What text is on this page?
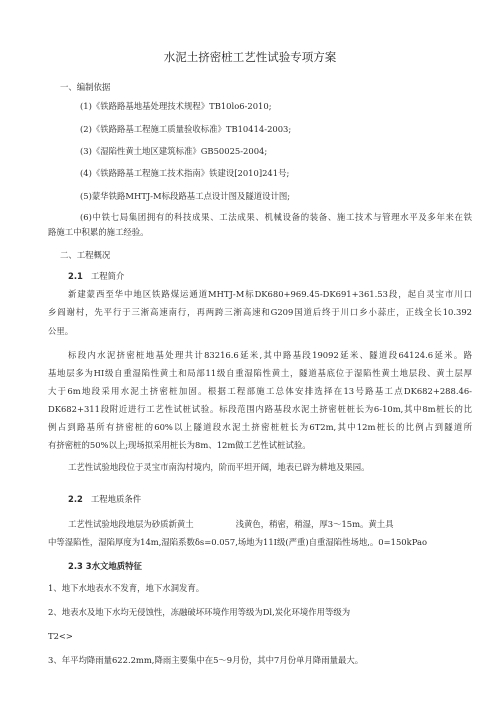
水泥土挤密桩工艺性试验专项方案
一、编制依据
(1)《铁路路基地基处理技术规程》TB10lo6-2010;
(2)《铁路路基工程施工质量验收标准》TB10414-2003;
(3)《湿陷性黄土地区建筑标准》GB50025-2004;
(4)《铁路路基工程施工技术指南》铁建设[2010]241号;
(5)蒙华铁路MHTJ-M标段路基工点设计图及隧道设计图;
(6)中铁七局集团拥有的科技成果、工法成果、机械设备的装备、施工技术与管理水平及多年来在铁
路施工中积累的施工经验。
二、工程概况
2.1 工程简介
新建蒙西至华中地区铁路煤运通道MHTJ-M标DK680+969.45-DK691+361.53段，起自灵宝市川口
乡阎谢村，先平行于三淅高速南行，再两跨三淅高速和G209国道后终于川口乡小蒜庄，正线全长10.392
公里。
标段内水泥挤密桩地基处理共计83216.6延米,其中路基段19092延米、隧道段64124.6延米。路
基地层多为HI级自重湿陷性黄土和局部11级自重湿陷性黄土，隧道基底位于湿陷性黄土地层段、黄土层厚
大于6m地段采用水泥土挤密桩加固。根据工程部施工总体安排选择在13号路基工点DK682+288.46-
DK682+311段附近进行工艺性试桩试验。标段范围内路基段水泥土挤密桩桩长为6-10m,其中8m桩长的比
例占到路基所有挤密桩的60%以上隧道段水泥土挤密桩桩长为6T2m,其中12m桩长的比例占到隧道所
有挤密桩的50%以上;现场拟采用桩长为8m、12m做工艺性试桩试验。
工艺性试验地段位于灵宝市南沟村境内，阶而平坦开阔，地表已辟为耕地及果园。
2.2 工程地质条件
工艺性试验地段地层为砂质新黄土	浅黄色，稍密，稍湿，厚3〜15m。黄土具
中等湿陷性，湿陷厚度为14m,湿陷系数δs=0.057,场地为11I级(严重)自重湿陷性场地,。0=150kPao
2.3 3水文地质特征
1、地下水地表水不发育，地下水洞发育。
2、地表水及地下水均无侵蚀性，冻融破坏环境作用等级为Dl,炭化环境作用等级为
T2<>
3、年平均降雨量622.2mm,降雨主要集中在5〜9月份，其中7月份单月降雨量最大。
